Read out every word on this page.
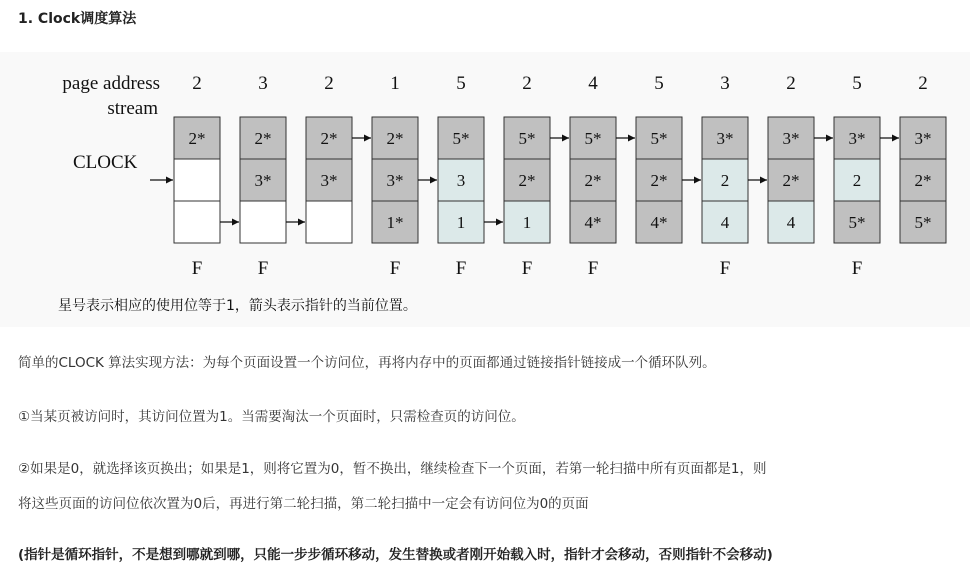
1. Clock调度算法
page address
stream
CLOCK
2
2*
F
3
2*
3*
F
2
2*
3*
1
2*
3*
1*
F
5
5*
3
1
F
2
5*
2*
1
F
4
5*
2*
4*
F
5
5*
2*
4*
3
3*
2
4
F
2
3*
2*
4
5
3*
2
5*
F
2
3*
2*
5*
星号表示相应的使用位等于1，箭头表示指针的当前位置。
简单的CLOCK 算法实现方法：为每个页面设置一个访问位，再将内存中的页面都通过链接指针链接成一个循环队列。
①当某页被访问时，其访问位置为1。当需要淘汰一个页面时，只需检查页的访问位。
②如果是0，就选择该页换出；如果是1，则将它置为0，暂不换出，继续检查下一个页面，若第一轮扫描中所有页面都是1，则
将这些页面的访问位依次置为0后，再进行第二轮扫描，第二轮扫描中一定会有访问位为0的页面
(指针是循环指针，不是想到哪就到哪，只能一步步循环移动，发生替换或者刚开始载入时，指针才会移动，否则指针不会移动)
